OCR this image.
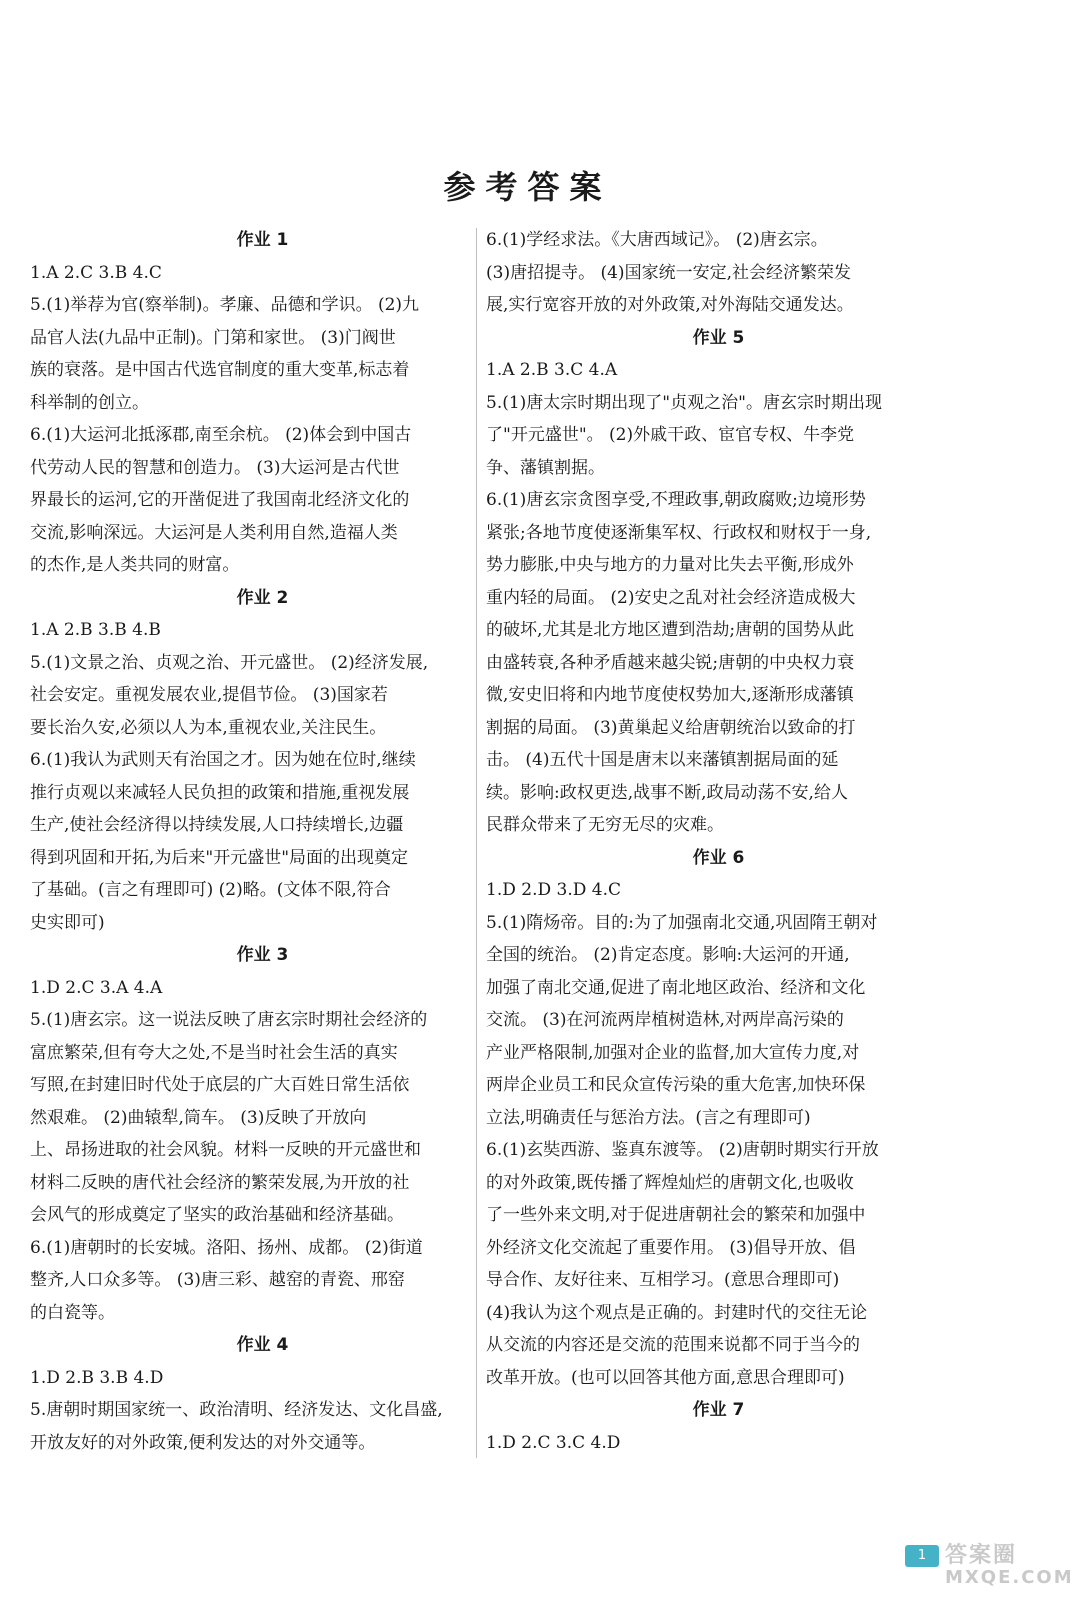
参考答案
作业 1
1.A 2.C 3.B 4.C
5.(1)举荐为官(察举制)。孝廉、品德和学识。 (2)九
品官人法(九品中正制)。门第和家世。 (3)门阀世
族的衰落。是中国古代选官制度的重大变革,标志着
科举制的创立。
6.(1)大运河北抵涿郡,南至余杭。 (2)体会到中国古
代劳动人民的智慧和创造力。 (3)大运河是古代世
界最长的运河,它的开凿促进了我国南北经济文化的
交流,影响深远。大运河是人类利用自然,造福人类
的杰作,是人类共同的财富。
作业 2
1.A 2.B 3.B 4.B
5.(1)文景之治、贞观之治、开元盛世。 (2)经济发展,
社会安定。重视发展农业,提倡节俭。 (3)国家若
要长治久安,必须以人为本,重视农业,关注民生。
6.(1)我认为武则天有治国之才。因为她在位时,继续
推行贞观以来减轻人民负担的政策和措施,重视发展
生产,使社会经济得以持续发展,人口持续增长,边疆
得到巩固和开拓,为后来"开元盛世"局面的出现奠定
了基础。(言之有理即可) (2)略。(文体不限,符合
史实即可)
作业 3
1.D 2.C 3.A 4.A
5.(1)唐玄宗。这一说法反映了唐玄宗时期社会经济的
富庶繁荣,但有夸大之处,不是当时社会生活的真实
写照,在封建旧时代处于底层的广大百姓日常生活依
然艰难。 (2)曲辕犁,筒车。 (3)反映了开放向
上、昂扬进取的社会风貌。材料一反映的开元盛世和
材料二反映的唐代社会经济的繁荣发展,为开放的社
会风气的形成奠定了坚实的政治基础和经济基础。
6.(1)唐朝时的长安城。洛阳、扬州、成都。 (2)街道
整齐,人口众多等。 (3)唐三彩、越窑的青瓷、邢窑
的白瓷等。
作业 4
1.D 2.B 3.B 4.D
5.唐朝时期国家统一、政治清明、经济发达、文化昌盛,
开放友好的对外政策,便利发达的对外交通等。
6.(1)学经求法。《大唐西域记》。 (2)唐玄宗。
(3)唐招提寺。 (4)国家统一安定,社会经济繁荣发
展,实行宽容开放的对外政策,对外海陆交通发达。
作业 5
1.A 2.B 3.C 4.A
5.(1)唐太宗时期出现了"贞观之治"。唐玄宗时期出现
了"开元盛世"。 (2)外戚干政、宦官专权、牛李党
争、藩镇割据。
6.(1)唐玄宗贪图享受,不理政事,朝政腐败;边境形势
紧张;各地节度使逐渐集军权、行政权和财权于一身,
势力膨胀,中央与地方的力量对比失去平衡,形成外
重内轻的局面。 (2)安史之乱对社会经济造成极大
的破坏,尤其是北方地区遭到浩劫;唐朝的国势从此
由盛转衰,各种矛盾越来越尖锐;唐朝的中央权力衰
微,安史旧将和内地节度使权势加大,逐渐形成藩镇
割据的局面。 (3)黄巢起义给唐朝统治以致命的打
击。 (4)五代十国是唐末以来藩镇割据局面的延
续。影响:政权更迭,战事不断,政局动荡不安,给人
民群众带来了无穷无尽的灾难。
作业 6
1.D 2.D 3.D 4.C
5.(1)隋炀帝。目的:为了加强南北交通,巩固隋王朝对
全国的统治。 (2)肯定态度。影响:大运河的开通,
加强了南北交通,促进了南北地区政治、经济和文化
交流。 (3)在河流两岸植树造林,对两岸高污染的
产业严格限制,加强对企业的监督,加大宣传力度,对
两岸企业员工和民众宣传污染的重大危害,加快环保
立法,明确责任与惩治方法。(言之有理即可)
6.(1)玄奘西游、鉴真东渡等。 (2)唐朝时期实行开放
的对外政策,既传播了辉煌灿烂的唐朝文化,也吸收
了一些外来文明,对于促进唐朝社会的繁荣和加强中
外经济文化交流起了重要作用。 (3)倡导开放、倡
导合作、友好往来、互相学习。(意思合理即可)
(4)我认为这个观点是正确的。封建时代的交往无论
从交流的内容还是交流的范围来说都不同于当今的
改革开放。(也可以回答其他方面,意思合理即可)
作业 7
1.D 2.C 3.C 4.D
1 答案圈
MXQE.COM
